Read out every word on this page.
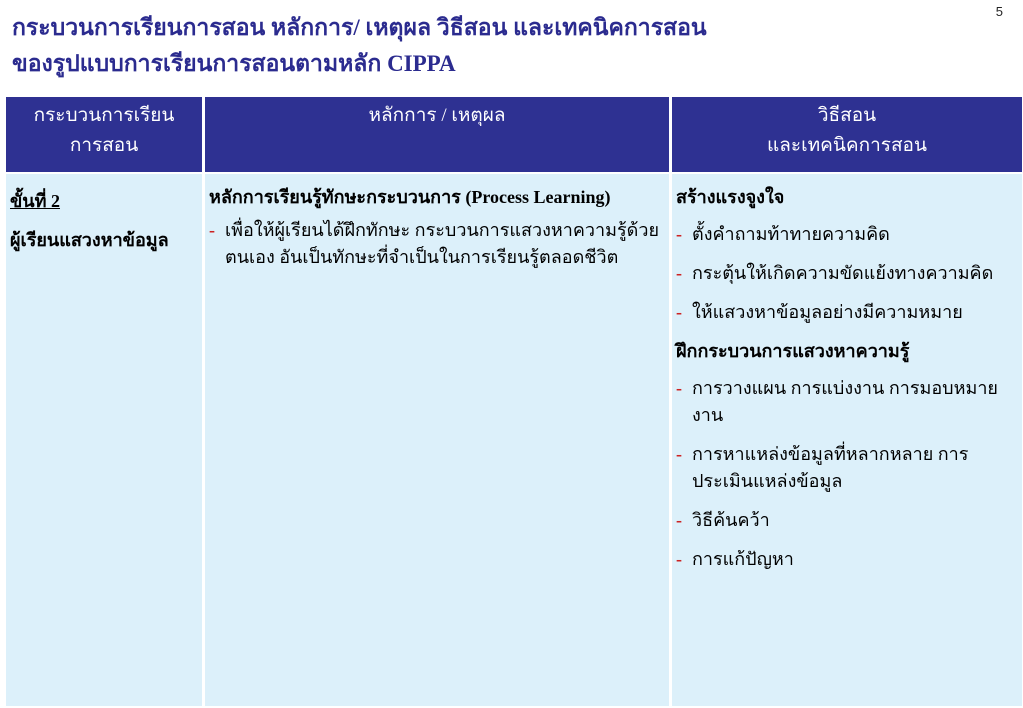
5
กระบวนการเรียนการสอน หลักการ/ เหตุผล วิธีสอน และเทคนิคการสอน
ของรูปแบบการเรียนการสอนตามหลัก CIPPA
กระบวนการเรียน
การสอน
หลักการ / เหตุผล	วิธีสอน
และเทคนิคการสอน
ขั้นที่ 2
ผู้เรียนแสวงหาข้อมูล
หลักการเรียนรู้ทักษะกระบวนการ (Process Learning)
- เพื่อให้ผู้เรียนได้ฝึกทักษะ กระบวนการแสวงหาความรู้ด้วยตนเอง อันเป็นทักษะที่จำเป็นในการเรียนรู้ตลอดชีวิต
สร้างแรงจูงใจ
- ตั้งคำถามท้าทายความคิด
- กระตุ้นให้เกิดความขัดแย้งทางความคิด
- ให้แสวงหาข้อมูลอย่างมีความหมาย
ฝึกกระบวนการแสวงหาความรู้
- การวางแผน การแบ่งงาน การมอบหมายงาน
- การหาแหล่งข้อมูลที่หลากหลาย การประเมินแหล่งข้อมูล
- วิธีค้นคว้า
- การแก้ปัญหา
